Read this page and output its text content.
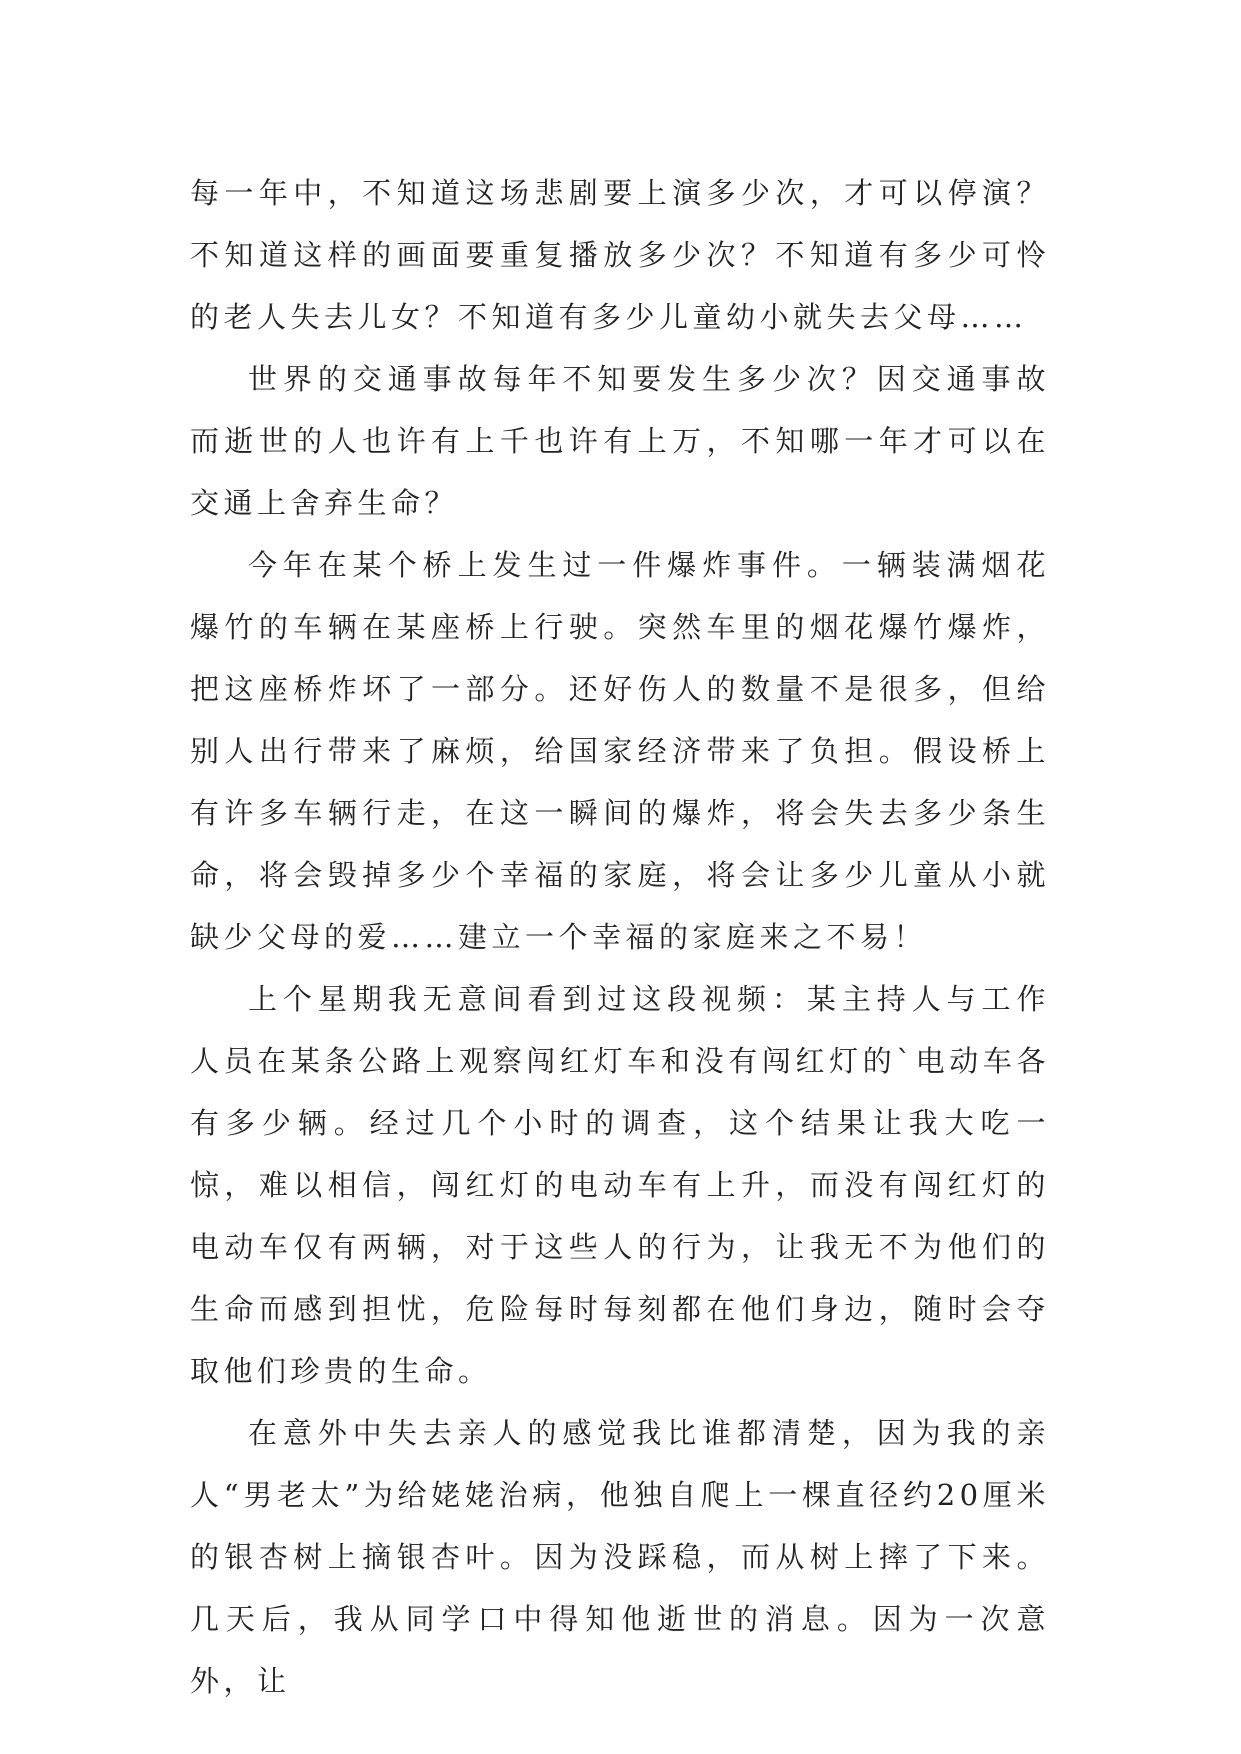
每一年中，不知道这场悲剧要上演多少次，才可以停演？不知道这样的画面要重复播放多少次？不知道有多少可怜的老人失去儿女？不知道有多少儿童幼小就失去父母……

世界的交通事故每年不知要发生多少次？因交通事故而逝世的人也许有上千也许有上万，不知哪一年才可以在交通上舍弃生命？

今年在某个桥上发生过一件爆炸事件。一辆装满烟花爆竹的车辆在某座桥上行驶。突然车里的烟花爆竹爆炸，把这座桥炸坏了一部分。还好伤人的数量不是很多，但给别人出行带来了麻烦，给国家经济带来了负担。假设桥上有许多车辆行走，在这一瞬间的爆炸，将会失去多少条生命，将会毁掉多少个幸福的家庭，将会让多少儿童从小就缺少父母的爱……建立一个幸福的家庭来之不易！

上个星期我无意间看到过这段视频：某主持人与工作人员在某条公路上观察闯红灯车和没有闯红灯的`电动车各有多少辆。经过几个小时的调查，这个结果让我大吃一惊，难以相信，闯红灯的电动车有上升，而没有闯红灯的电动车仅有两辆，对于这些人的行为，让我无不为他们的生命而感到担忧，危险每时每刻都在他们身边，随时会夺取他们珍贵的生命。

在意外中失去亲人的感觉我比谁都清楚，因为我的亲人“男老太”为给姥姥治病，他独自爬上一棵直径约20厘米的银杏树上摘银杏叶。因为没踩稳，而从树上摔了下来。几天后，我从同学口中得知他逝世的消息。因为一次意外，让
